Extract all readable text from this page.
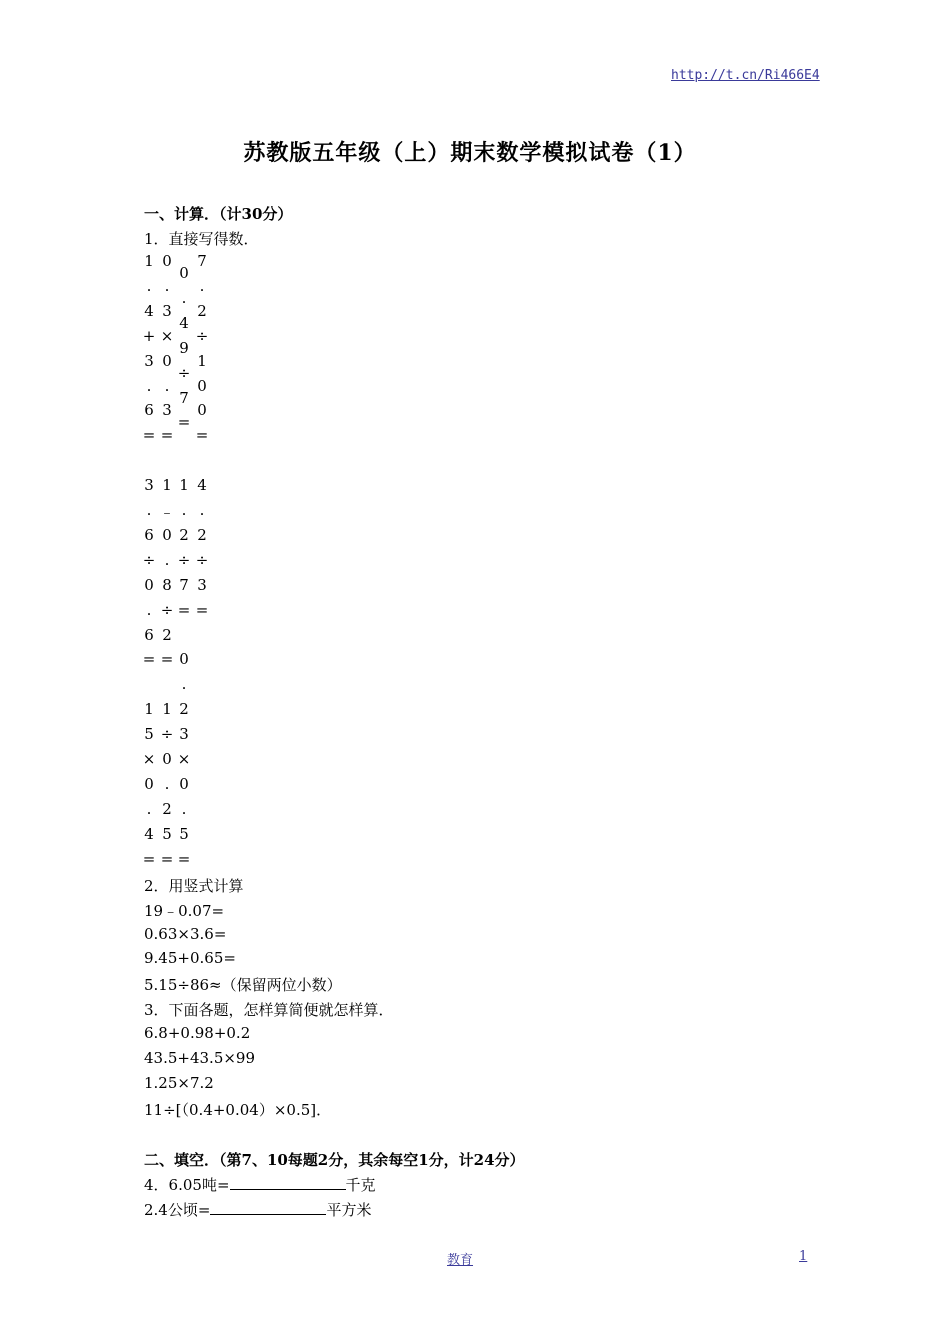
http://t.cn/Ri466E4
苏教版五年级（上）期末数学模拟试卷（1）
一、计算．（计30分）
1．直接写得数．
1
.
4
+
3
.
6
=
3
.
6
÷
0
.
6
=
1
5
×
0
.
4
=
0
.
3
×
0
.
3
=
1
﹣
0
.
8
÷
2
=
1
÷
0
.
2
5
=
0
.
4
9
÷
7
=
1
.
2
÷
7
=
0
.
2
3
×
0
.
5
=
7
.
2
÷
1
0
0
=
4
.
2
÷
3
=
2．用竖式计算
19﹣0.07=
0.63×3.6=
9.45+0.65=
5.15÷86≈（保留两位小数）
3．下面各题，怎样算简便就怎样算．
6.8+0.98+0.2
43.5+43.5×99
1.25×7.2
11÷[（0.4+0.04）×0.5]．
二、填空．（第7、10每题2分，其余每空1分，计24分）
4．6.05吨=	千克
2.4公顷=	平方米
教育	1
